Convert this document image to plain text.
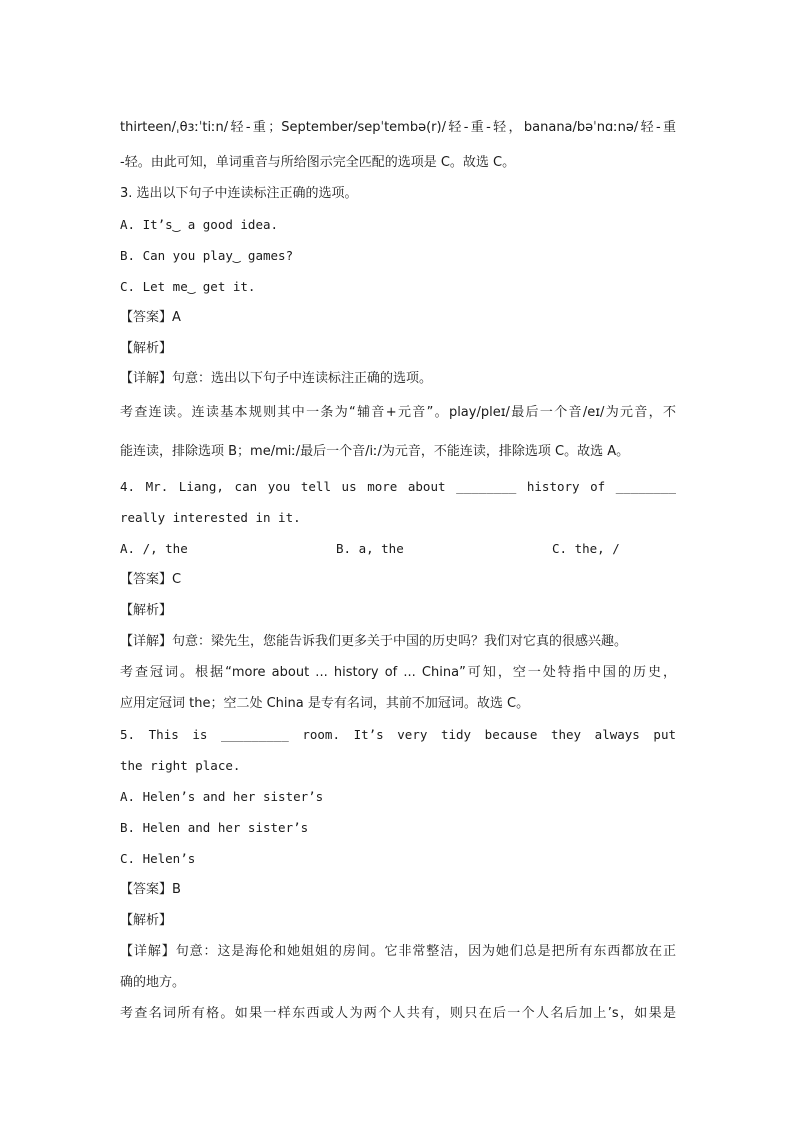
thirteen/ˌθɜːˈtiːn/轻-重；September/sepˈtembə(r)/轻-重-轻，banana/bəˈnɑːnə/轻-重
-轻。由此可知，单词重音与所给图示完全匹配的选项是 C。故选 C。
3. 选出以下句子中连读标注正确的选项。
A. It’s‿ a good idea.
B. Can you play‿ games?
C. Let me‿ get it.
【答案】A
【解析】
【详解】句意：选出以下句子中连读标注正确的选项。
考查连读。连读基本规则其中一条为“辅音+元音”。play/pleɪ/最后一个音/eɪ/为元音，不
能连读，排除选项 B；me/miː/最后一个音/iː/为元音，不能连读，排除选项 C。故选 A。
4. Mr. Liang, can you tell us more about ________ history of ________
really interested in it.
A. /, the	B. a, the	C. the, /
【答案】C
【解析】
【详解】句意：梁先生，您能告诉我们更多关于中国的历史吗？我们对它真的很感兴趣。
考查冠词。根据“more about ... history of ... China”可知，空一处特指中国的历史，
应用定冠词 the；空二处 China 是专有名词，其前不加冠词。故选 C。
5. This is _________ room. It’s very tidy because they always put
the right place.
A. Helen’s and her sister’s
B. Helen and her sister’s
C. Helen’s
【答案】B
【解析】
【详解】句意：这是海伦和她姐姐的房间。它非常整洁，因为她们总是把所有东西都放在正
确的地方。
考查名词所有格。如果一样东西或人为两个人共有，则只在后一个人名后加上’s，如果是
